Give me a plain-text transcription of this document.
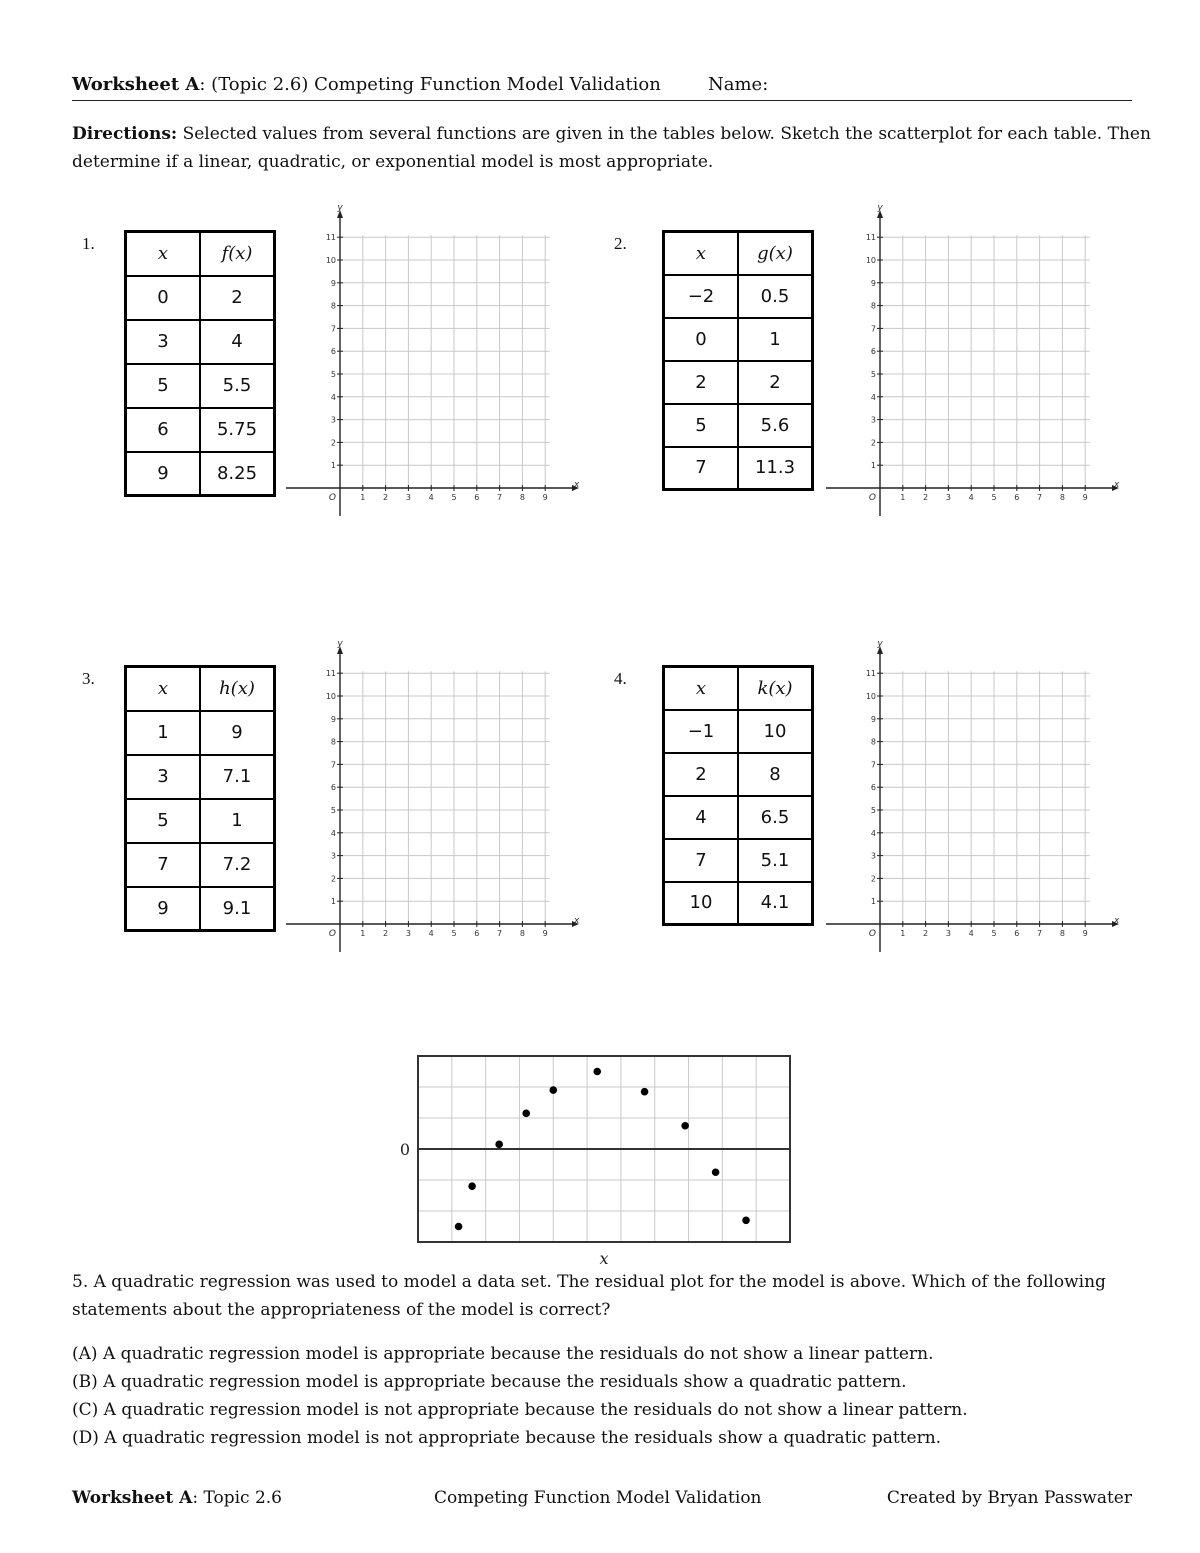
Worksheet A: (Topic 2.6) Competing Function Model Validation	Name:
Directions: Selected values from several functions are given in the tables below. Sketch the scatterplot for each table. Then determine if a linear, quadratic, or exponential model is most appropriate.
1.	x	f(x)
0	2
3	4
5	5.5
6	5.75
9	8.25
1 2 3 4 5 6 7 8 9
1
2
3
4
5
6
7
8
9
10
11
O
x
y
2.	x	g(x)
−2	0.5
0	1
2	2
5	5.6
7	11.3
1 2 3 4 5 6 7 8 9
1
2
3
4
5
6
7
8
9
10
11
O
x
y
3.	x	h(x)
1	9
3	7.1
5	1
7	7.2
9	9.1
1 2 3 4 5 6 7 8 9
1
2
3
4
5
6
7
8
9
10
11
O
x
y
4.	x	k(x)
−1	10
2	8
4	6.5
7	5.1
10	4.1
1 2 3 4 5 6 7 8 9
1
2
3
4
5
6
7
8
9
10
11
O
x
y
0
x
5. A quadratic regression was used to model a data set. The residual plot for the model is above. Which of the following statements about the appropriateness of the model is correct?
(A) A quadratic regression model is appropriate because the residuals do not show a linear pattern.
(B) A quadratic regression model is appropriate because the residuals show a quadratic pattern.
(C) A quadratic regression model is not appropriate because the residuals do not show a linear pattern.
(D) A quadratic regression model is not appropriate because the residuals show a quadratic pattern.
Worksheet A : Topic 2.6	Competing Function Model Validation	Created by Bryan Passwater
